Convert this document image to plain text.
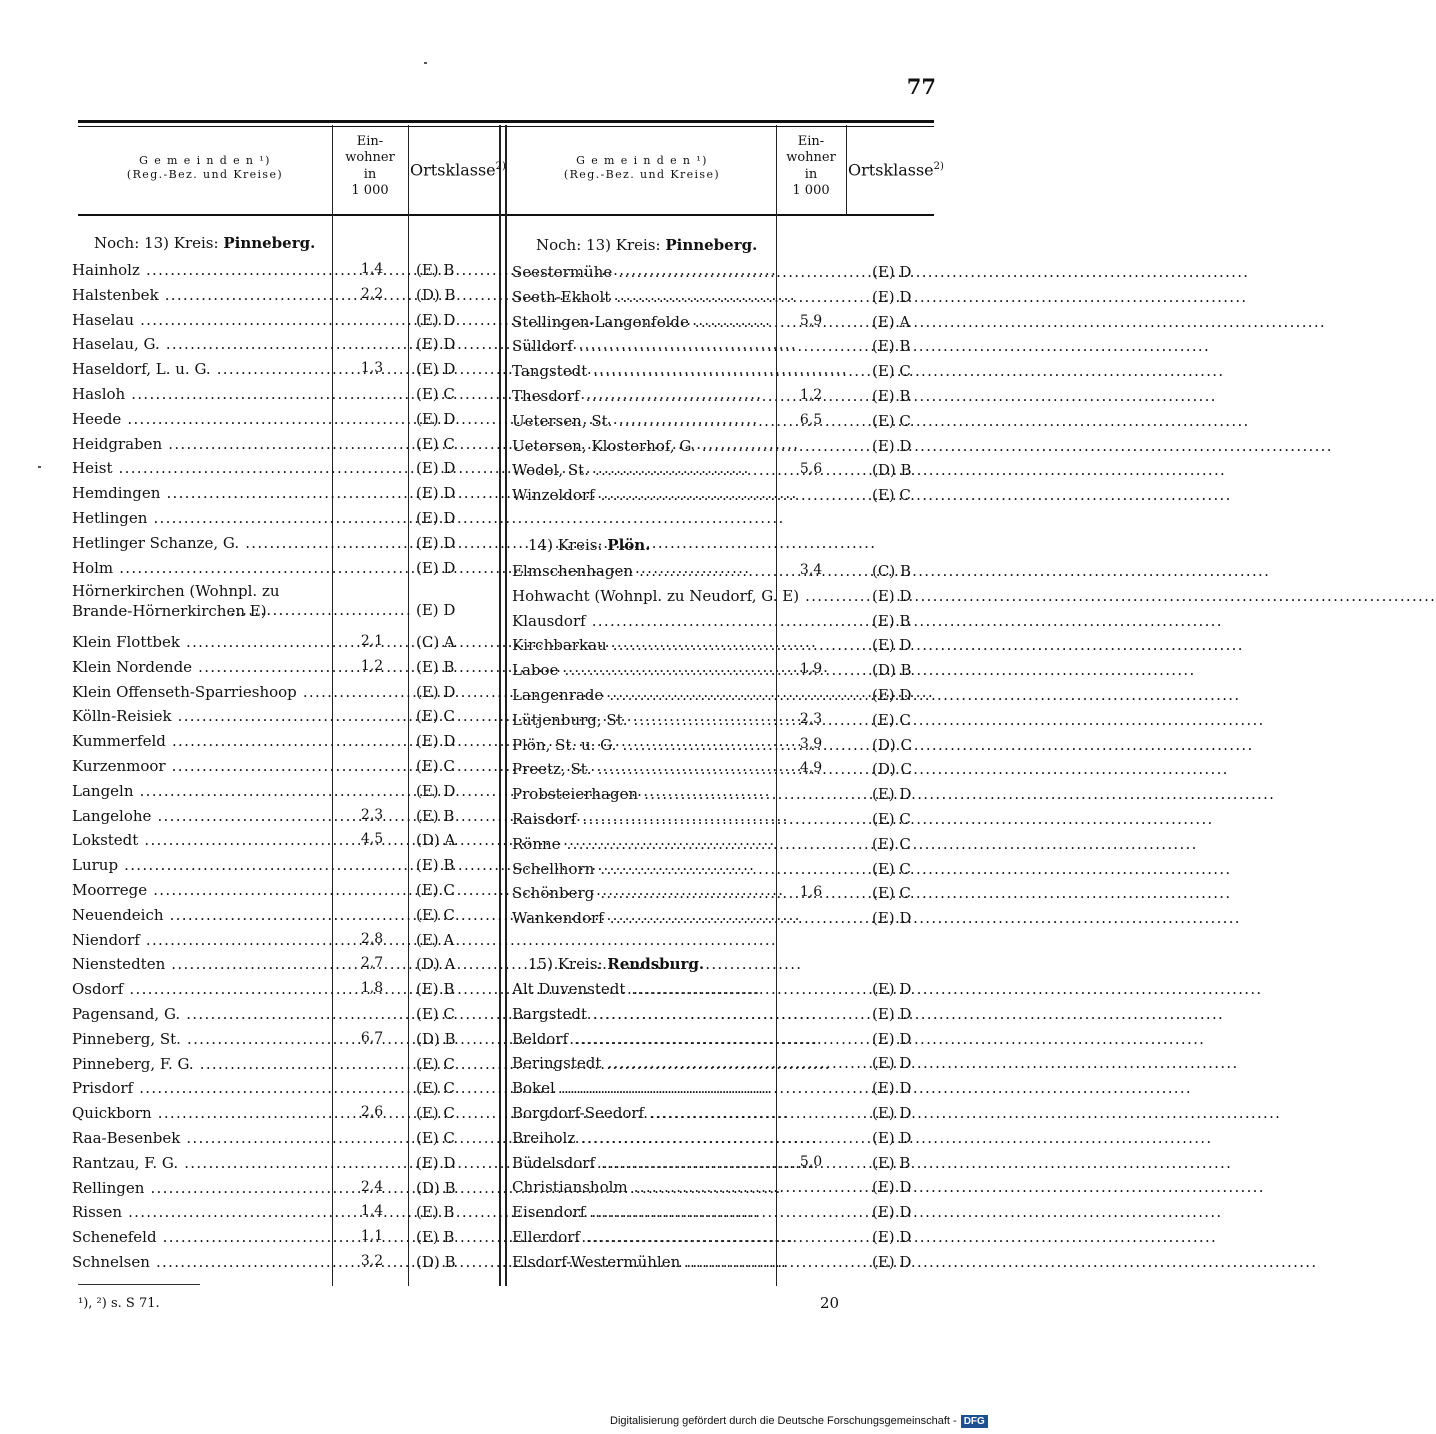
77
G e m e i n d e n ¹)
(Reg.-Bez. und Kreise)
Ein-
wohner
in
1 000
Ortsklasse$^{2)}$	G e m e i n d e n ¹)
(Reg.-Bez. und Kreise)
Ein-
wohner
in
1 000
Ortsklasse$^{2)}$
Noch: 13) Kreis: Pinneberg.
Hainholz .....	1,4	(E) B
Halstenbek .....	2,2	(D) B
Haselau .....	(E) D
Haselau, G. .....	(E) D
Haseldorf, L. u. G. .....	1,3	(E) D
Hasloh .....	(E) C
Heede .....	(E) D
Heidgraben .....	(E) C
Heist .....	(E) D
Hemdingen .....	(E) D
Hetlingen .....	(E) D
Hetlinger Schanze, G. .....	(E) D
Holm .....	(E) D
Hörnerkirchen (Wohnpl. zu Brande-Hörnerkirchen E)
.............................. (E) D
Klein Flottbek .....	2,1	(C) A
Klein Nordende .....	1,2	(E) B
Klein Offenseth-Sparrieshoop .....	(E) D
Kölln-Reisiek .....	(E) C
Kummerfeld .....	(E) D
Kurzenmoor .....	(E) C
Langeln .....	(E) D
Langelohe .....	2,3	(E) B
Lokstedt .....	4,5	(D) A
Lurup .....	(E) B
Moorrege .....	(E) C
Neuendeich .....	(E) C
Niendorf .....	2,8	(E) A
Nienstedten .....	2,7	(D) A
Osdorf .....	1,8	(E) B
Pagensand, G. .....	(E) C
Pinneberg, St. .....	6,7	(D) B
Pinneberg, F. G. .....	(E) C
Prisdorf .....	(E) C
Quickborn .....	2,6	(E) C
Raa-Besenbek .....	(E) C
Rantzau, F. G. .....	(E) D
Rellingen .....	2,4	(D) B
Rissen .....	1,4	(E) B
Schenefeld .....	1,1	(E) B
Schnelsen .....	3,2	(D) B
Noch: 13) Kreis: Pinneberg.
Seestermühe .....	(E) D
Seeth-Ekholt .....	(E) D
Stellingen-Langenfelde .....	5,9	(E) A
Sülldorf .....	(E) B
Tangstedt .....	(E) C
Thesdorf .....	1,2	(E) B
Uetersen, St. .....	6,5	(E) C
Uetersen, Klosterhof, G. .....	(E) D
Wedel, St. .....	5,6	(D) B
Winzeldorf .....	(E) C
14) Kreis: Plön.
Elmschenhagen .....	3,4	(C) B
Hohwacht (Wohnpl. zu Neudorf, G. E) .....	(E) D
Klausdorf .....	(E) B
Kirchbarkau .....	(E) D
Laboe .....	1,9	(D) B
Langenrade .....	(E) D
Lütjenburg, St. .....	2,3	(E) C
Plön, St. u. G. .....	3,9	(D) C
Preetz, St. .....	4,9	(D) C
Probsteierhagen .....	(E) D
Raisdorf .....	(E) C
Rönne .....	(E) C
Schellhorn .....	(E) C
Schönberg .....	1,6	(E) C
Wankendorf .....	(E) D
15) Kreis: Rendsburg.
Alt Duvenstedt .....	(E) D
Bargstedt .....	(E) D
Beldorf .....	(E) D
Beringstedt .....	(E) D
Bokel .....	(E) D
Borgdorf-Seedorf .....	(E) D
Breiholz .....	(E) D
Büdelsdorf .....	5,0	(E) B
Christiansholm .....	(E) D
Eisendorf .....	(E) D
Ellerdorf .....	(E) D
Elsdorf-Westermühlen .....	(E) D
¹), ²) s. S 71.	20
Digitalisierung gefördert durch die Deutsche Forschungsgemeinschaft - DFG
